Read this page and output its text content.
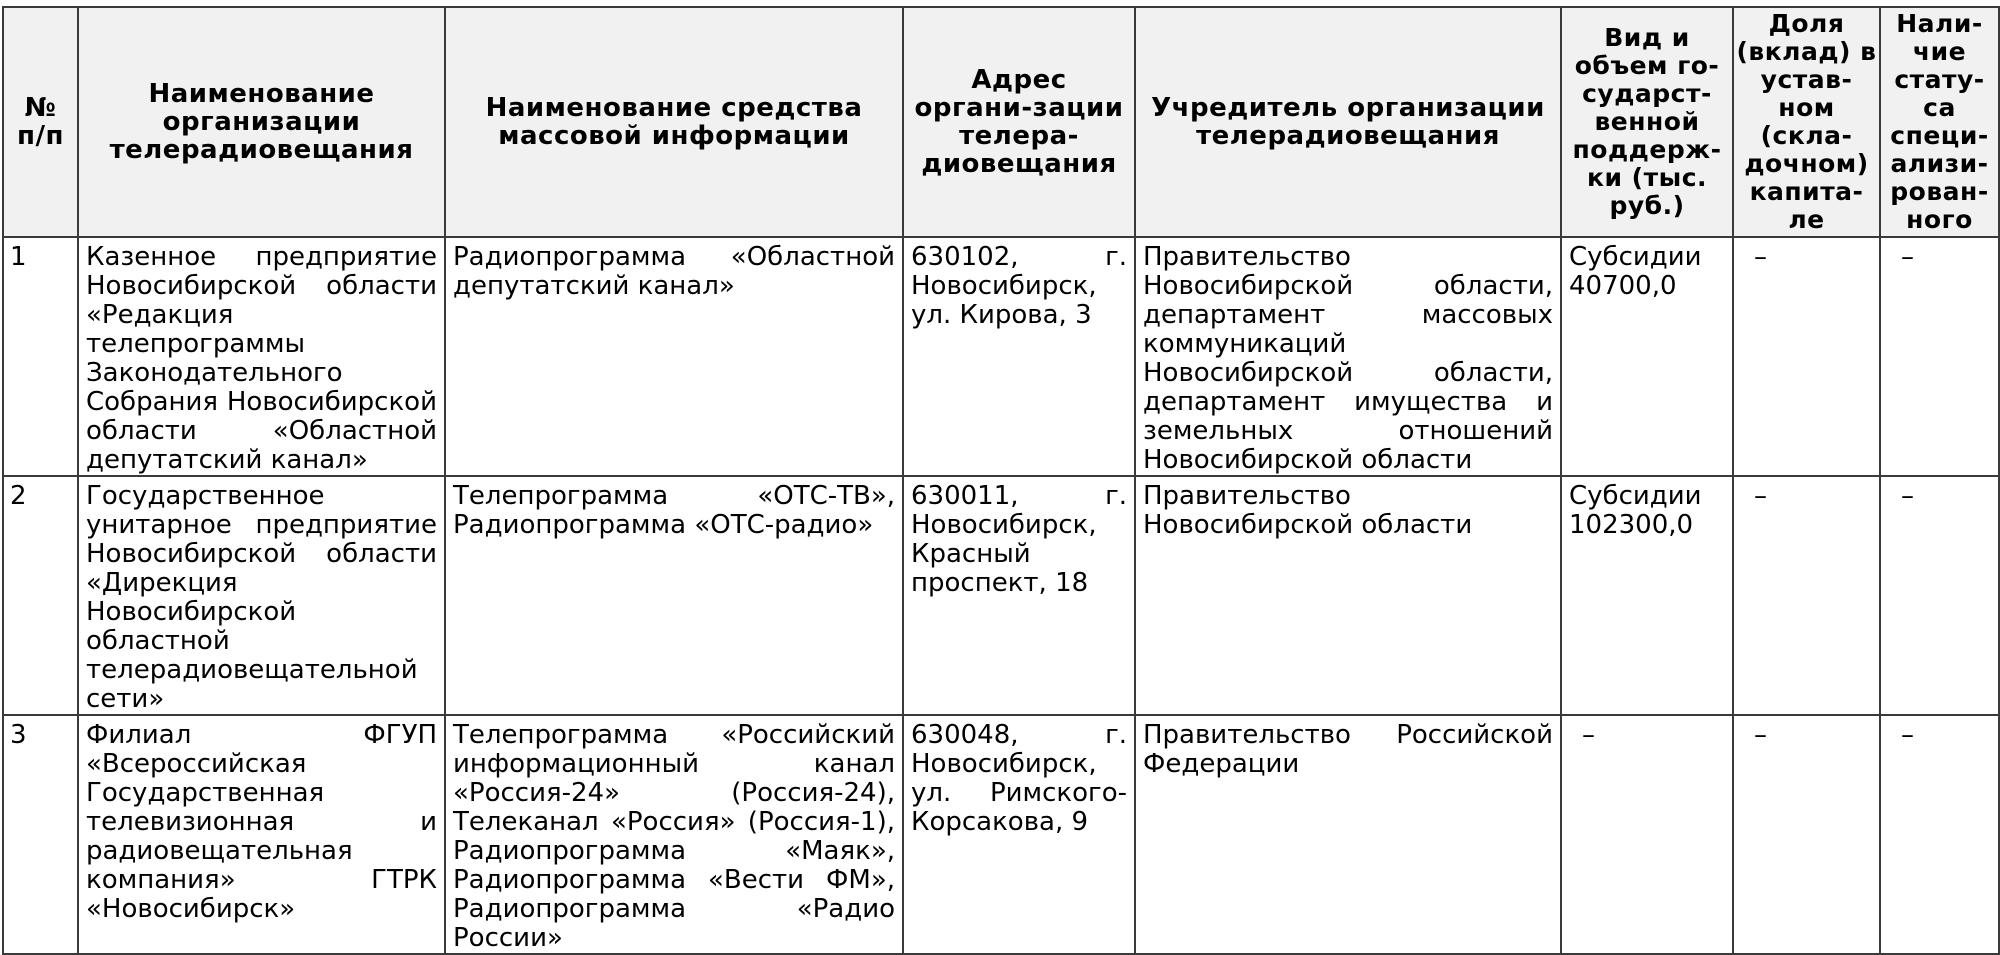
№ п/п	Наименование организации телерадиовещания	Наименование средства массовой информации	Адрес органи-зации телера-диовещания	Учредитель организации телерадиовещания	Вид и объем го-сударст-венной поддерж-ки (тыс. руб.)	Доля (вклад) в устав-ном (скла-дочном) капита-ле	Нали-чие стату-са специ-ализи-рован-ного
1	Казенное предприятие Новосибирской области «Редакция телепрограммы Законодательного Собрания Новосибирской области «Областной депутатский канал»	Радиопрограмма «Областной депутатский канал»	630102, г. Новосибирск, ул. Кирова, 3	Правительство Новосибирской области, департамент массовых коммуникаций Новосибирской области, департамент имущества и земельных отношений Новосибирской области	Субсидии 40700,0	–	–
2	Государственное унитарное предприятие Новосибирской области «Дирекция Новосибирской областной телерадиовещательной сети»	Телепрограмма «ОТС-ТВ», Радиопрограмма «ОТС-радио»	630011, г. Новосибирск, Красный проспект, 18	Правительство Новосибирской области	Субсидии 102300,0	–	–
3	Филиал ФГУП «Всероссийская Государственная телевизионная и радиовещательная компания» ГТРК «Новосибирск»	Телепрограмма «Российский информационный канал «Россия-24» (Россия-24), Телеканал «Россия» (Россия-1), Радиопрограмма «Маяк», Радиопрограмма «Вести ФМ», Радиопрограмма «Радио России»	630048, г. Новосибирск, ул. Римского-Корсакова, 9	Правительство Российской Федерации	–	–	–
